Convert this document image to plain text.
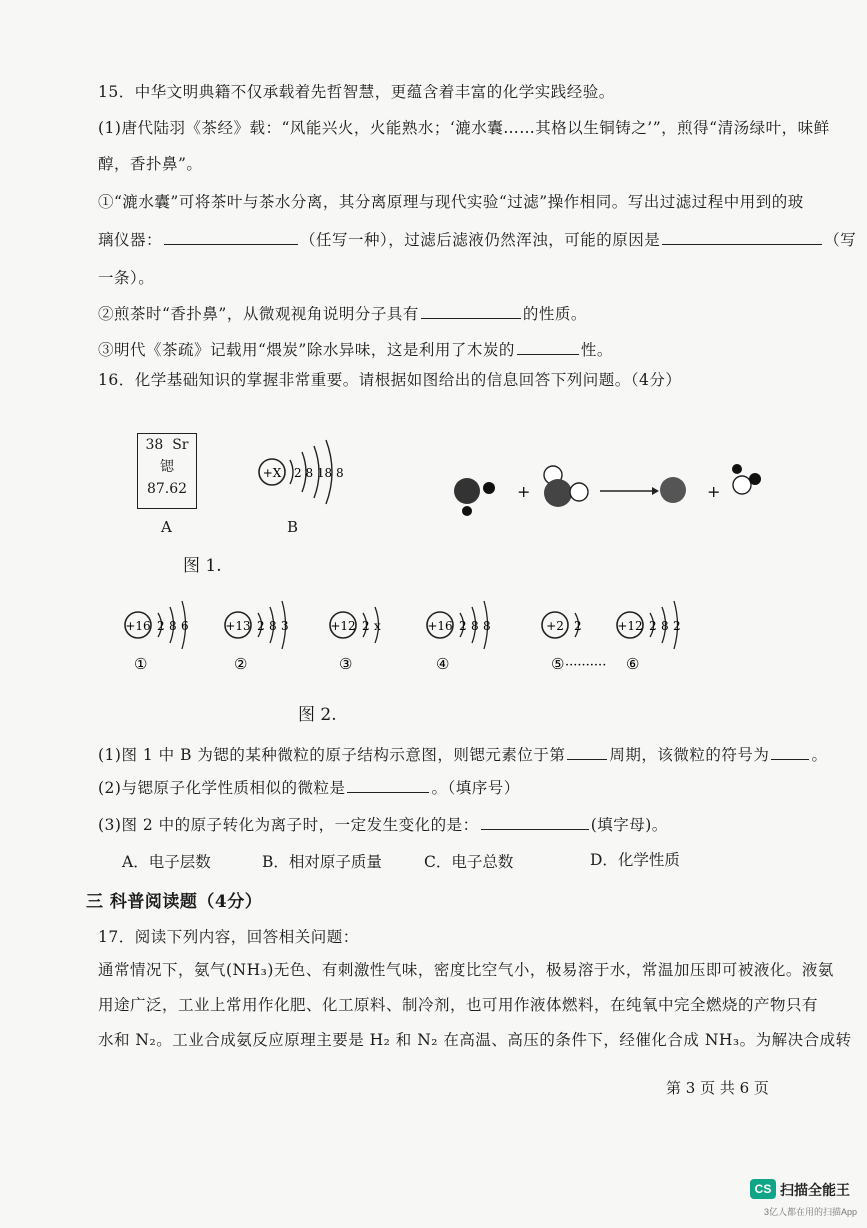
15．中华文明典籍不仅承载着先哲智慧，更蕴含着丰富的化学实践经验。
(1)唐代陆羽《茶经》载：“风能兴火，火能熟水；‘漉水囊……其格以生铜铸之’”，煎得“清汤绿叶，味鲜
醇，香扑鼻”。
①“漉水囊”可将茶叶与茶水分离，其分离原理与现代实验“过滤”操作相同。写出过滤过程中用到的玻
璃仪器：	（任写一种），过滤后滤液仍然浑浊，可能的原因是	（写
一条）。
②煎茶时“香扑鼻”，从微观视角说明分子具有	的性质。
③明代《茶疏》记载用“煨炭”除水异味，这是利用了木炭的	性。
16．化学基础知识的掌握非常重要。请根据如图给出的信息回答下列问题。（4分）
38 Sr
锶
87.62
A	B
+X 2 8 18 8
+	+
图 1.
+16 2 8 6
①
+13 2 8 3
②
+12 2 x
③
+16 2 8 8
④
+2 2
⑤
+12 2 8 2
⑥
··········
图 2.
(1)图 1 中 B 为锶的某种微粒的原子结构示意图，则锶元素位于第	周期，该微粒的符号为	。
(2)与锶原子化学性质相似的微粒是	。（填序号）
(3)图 2 中的原子转化为离子时，一定发生变化的是：	(填字母)。
A．电子层数	B．相对原子质量	C．电子总数	D．化学性质
三 科普阅读题（4分）
17．阅读下列内容，回答相关问题：
通常情况下，氨气(NH₃)无色、有刺激性气味，密度比空气小，极易溶于水，常温加压即可被液化。液氨
用途广泛，工业上常用作化肥、化工原料、制冷剂，也可用作液体燃料，在纯氧中完全燃烧的产物只有
水和 N₂。工业合成氨反应原理主要是 H₂ 和 N₂ 在高温、高压的条件下，经催化合成 NH₃。为解决合成转
第 3 页 共 6 页
CS 扫描全能王
3亿人都在用的扫描App
